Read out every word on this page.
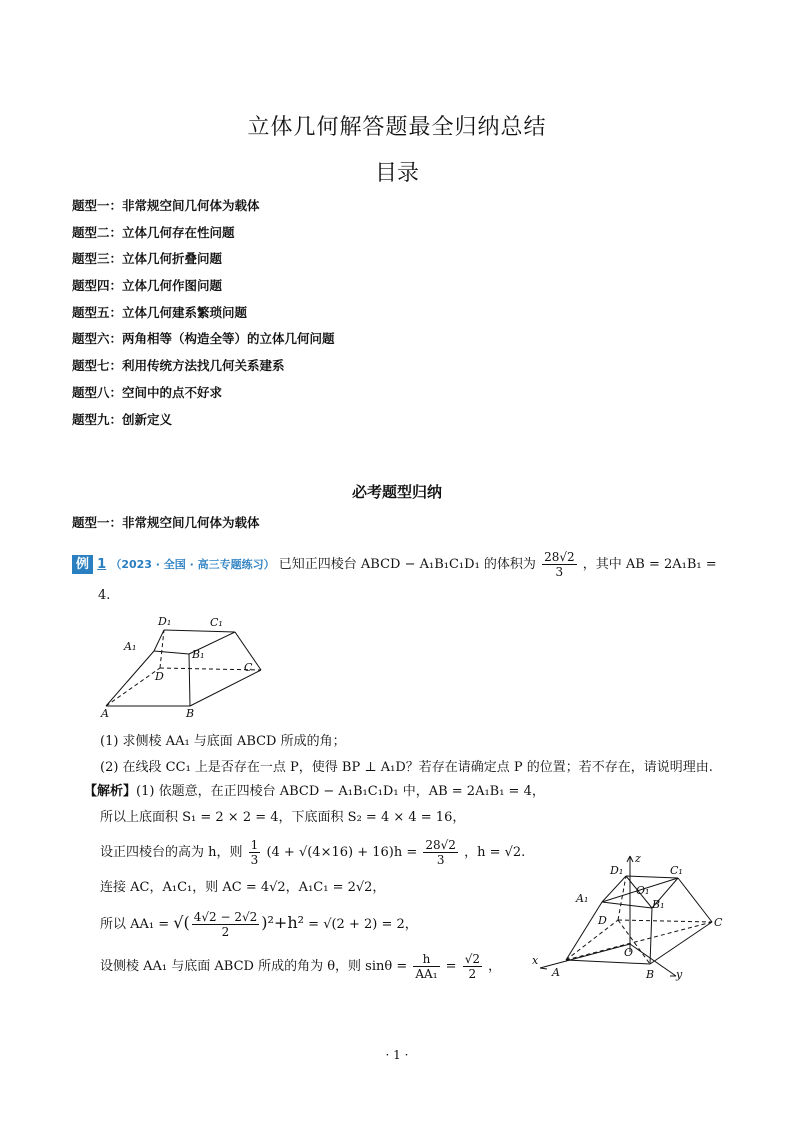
立体几何解答题最全归纳总结
目录
题型一：非常规空间几何体为载体
题型二：立体几何存在性问题
题型三：立体几何折叠问题
题型四：立体几何作图问题
题型五：立体几何建系繁琐问题
题型六：两角相等（构造全等）的立体几何问题
题型七：利用传统方法找几何关系建系
题型八：空间中的点不好求
题型九：创新定义
必考题型归纳
题型一：非常规空间几何体为载体
例 1 （2023 · 全国 · 高三专题练习） 已知正四棱台 ABCD − A₁B₁C₁D₁ 的体积为 $\frac{28√2}{3}$ ，其中 AB = 2A₁B₁ =
4.
D₁	C₁
A₁
B₁
D
C
A	B
(1) 求侧棱 AA₁ 与底面 ABCD 所成的角；
(2) 在线段 CC₁ 上是否存在一点 P，使得 BP ⊥ A₁D？若存在请确定点 P 的位置；若不存在，请说明理由.
【解析】(1) 依题意，在正四棱台 ABCD − A₁B₁C₁D₁ 中，AB = 2A₁B₁ = 4，
所以上底面积 S₁ = 2 × 2 = 4，下底面积 S₂ = 4 × 4 = 16，
设正四棱台的高为 h，则 $\frac{1}{3} (4 + √(4\times 16) + 16)h = \frac{28√2}{3}$ ，h = √2.
连接 AC，A₁C₁，则 AC = 4√2，A₁C₁ = 2√2，
所以 AA₁ = √( $\frac{4√2 - 2√2}{2} )^2+h^2 = √(2 + 2) = 2$，
设侧棱 AA₁ 与底面 ABCD 所成的角为 θ，则 $\sin\theta = \frac{h}{\text{AA₁}} = \frac{√2}{2}$ ，
z
D₁	C₁
O₁
A₁	B₁
D	C
O
x
A	B y
· 1 ·
